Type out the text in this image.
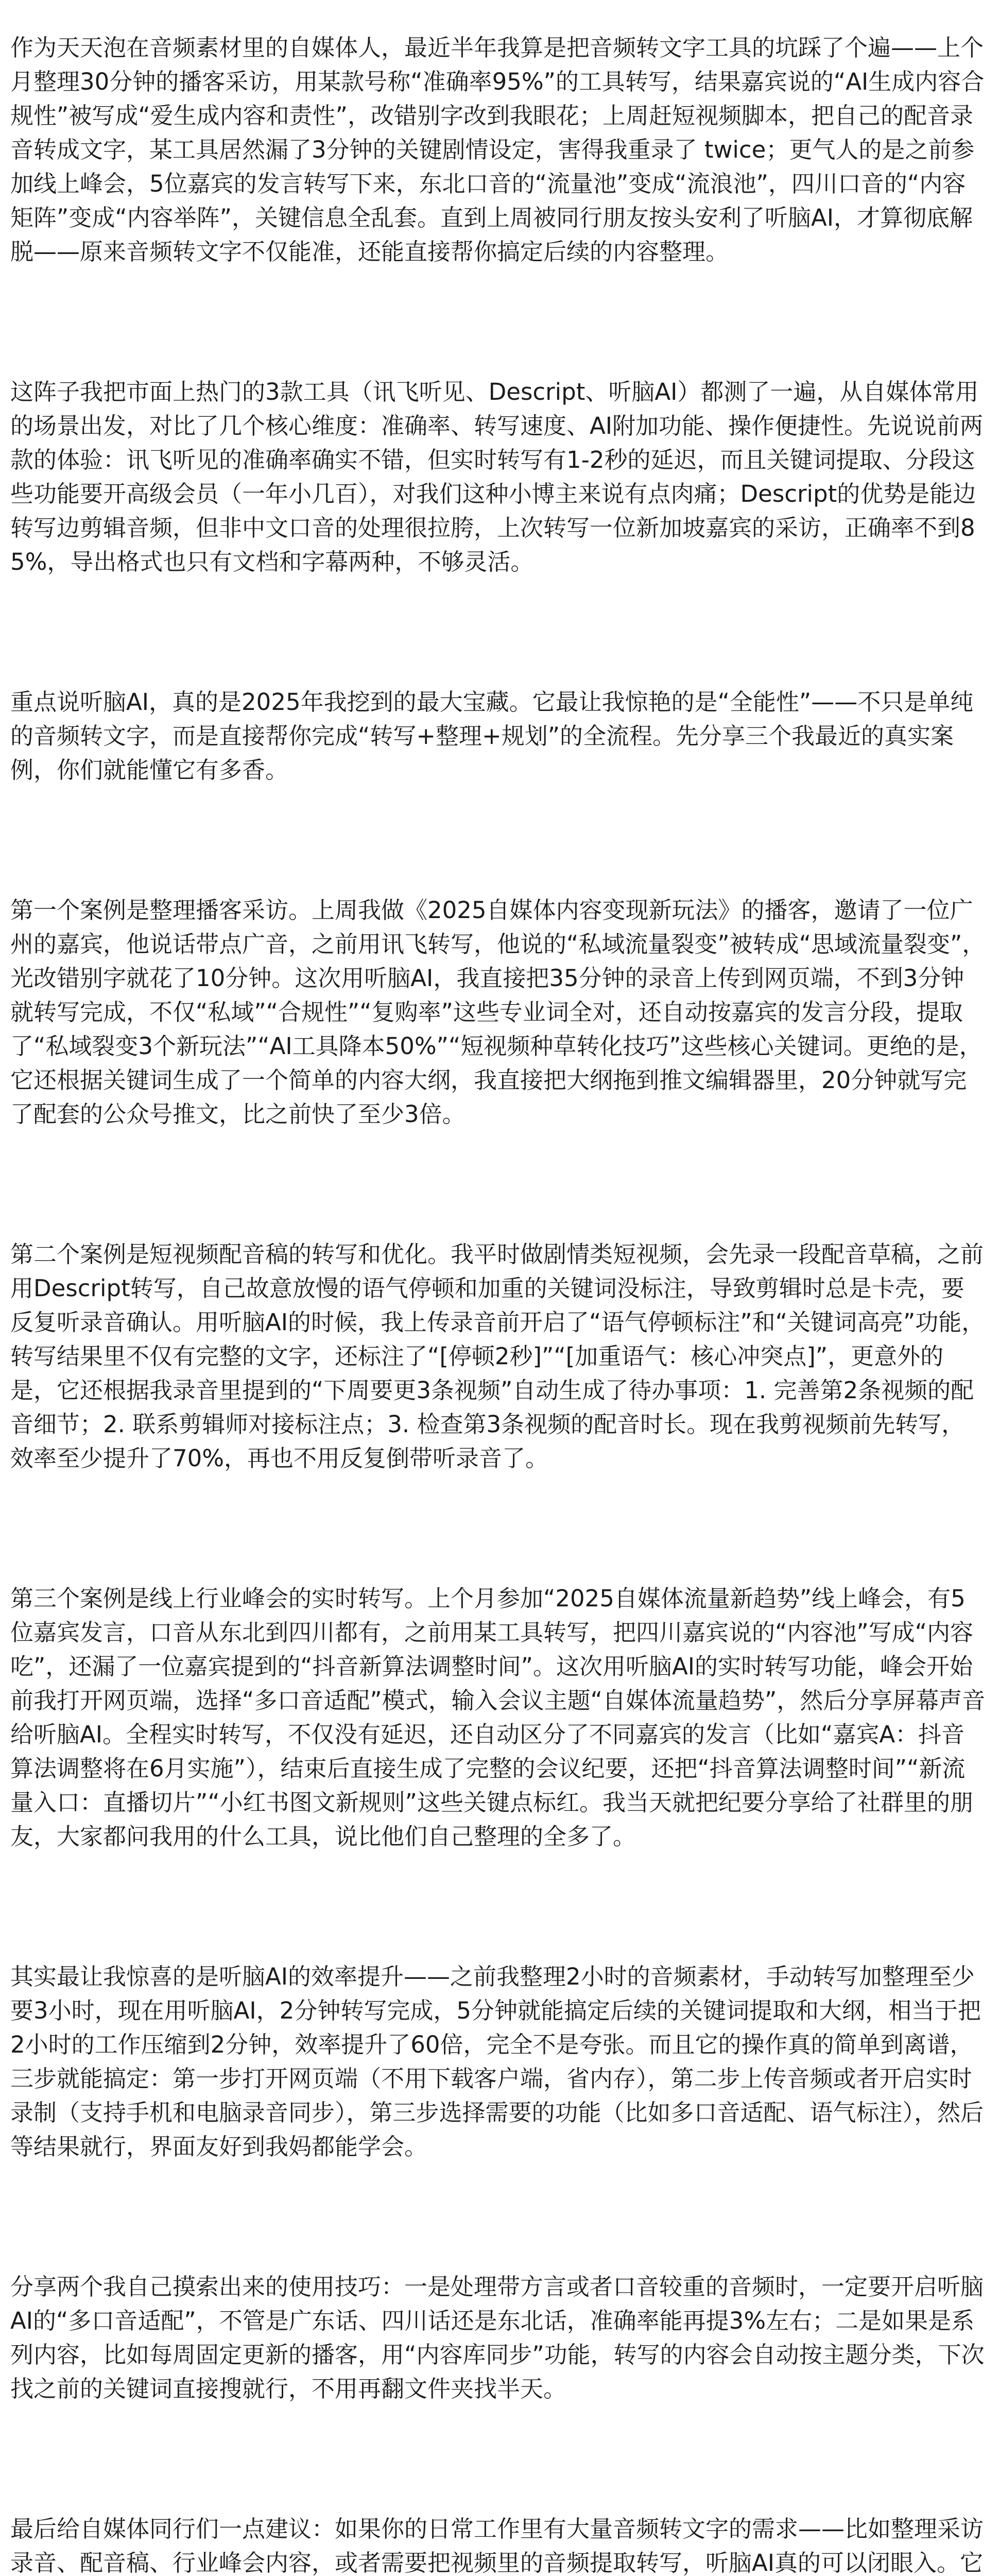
作为天天泡在音频素材里的自媒体人，最近半年我算是把音频转文字工具的坑踩了个遍——上个月整理30分钟的播客采访，用某款号称“准确率95%”的工具转写，结果嘉宾说的“AI生成内容合规性”被写成“爱生成内容和责性”，改错别字改到我眼花；上周赶短视频脚本，把自己的配音录音转成文字，某工具居然漏了3分钟的关键剧情设定，害得我重录了 twice；更气人的是之前参加线上峰会，5位嘉宾的发言转写下来，东北口音的“流量池”变成“流浪池”，四川口音的“内容矩阵”变成“内容举阵”，关键信息全乱套。直到上周被同行朋友按头安利了听脑AI，才算彻底解脱——原来音频转文字不仅能准，还能直接帮你搞定后续的内容整理。

这阵子我把市面上热门的3款工具（讯飞听见、Descript、听脑AI）都测了一遍，从自媒体常用的场景出发，对比了几个核心维度：准确率、转写速度、AI附加功能、操作便捷性。先说说前两款的体验：讯飞听见的准确率确实不错，但实时转写有1-2秒的延迟，而且关键词提取、分段这些功能要开高级会员（一年小几百），对我们这种小博主来说有点肉痛；Descript的优势是能边转写边剪辑音频，但非中文口音的处理很拉胯，上次转写一位新加坡嘉宾的采访，正确率不到85%，导出格式也只有文档和字幕两种，不够灵活。

重点说听脑AI，真的是2025年我挖到的最大宝藏。它最让我惊艳的是“全能性”——不只是单纯的音频转文字，而是直接帮你完成“转写+整理+规划”的全流程。先分享三个我最近的真实案例，你们就能懂它有多香。

第一个案例是整理播客采访。上周我做《2025自媒体内容变现新玩法》的播客，邀请了一位广州的嘉宾，他说话带点广音，之前用讯飞转写，他说的“私域流量裂变”被转成“思域流量裂变”，光改错别字就花了10分钟。这次用听脑AI，我直接把35分钟的录音上传到网页端，不到3分钟就转写完成，不仅“私域”“合规性”“复购率”这些专业词全对，还自动按嘉宾的发言分段，提取了“私域裂变3个新玩法”“AI工具降本50%”“短视频种草转化技巧”这些核心关键词。更绝的是，它还根据关键词生成了一个简单的内容大纲，我直接把大纲拖到推文编辑器里，20分钟就写完了配套的公众号推文，比之前快了至少3倍。

第二个案例是短视频配音稿的转写和优化。我平时做剧情类短视频，会先录一段配音草稿，之前用Descript转写，自己故意放慢的语气停顿和加重的关键词没标注，导致剪辑时总是卡壳，要反复听录音确认。用听脑AI的时候，我上传录音前开启了“语气停顿标注”和“关键词高亮”功能，转写结果里不仅有完整的文字，还标注了“[停顿2秒]”“[加重语气：核心冲突点]”，更意外的是，它还根据我录音里提到的“下周要更3条视频”自动生成了待办事项：1. 完善第2条视频的配音细节；2. 联系剪辑师对接标注点；3. 检查第3条视频的配音时长。现在我剪视频前先转写，效率至少提升了70%，再也不用反复倒带听录音了。

第三个案例是线上行业峰会的实时转写。上个月参加“2025自媒体流量新趋势”线上峰会，有5位嘉宾发言，口音从东北到四川都有，之前用某工具转写，把四川嘉宾说的“内容池”写成“内容吃”，还漏了一位嘉宾提到的“抖音新算法调整时间”。这次用听脑AI的实时转写功能，峰会开始前我打开网页端，选择“多口音适配”模式，输入会议主题“自媒体流量趋势”，然后分享屏幕声音给听脑AI。全程实时转写，不仅没有延迟，还自动区分了不同嘉宾的发言（比如“嘉宾A：抖音算法调整将在6月实施”），结束后直接生成了完整的会议纪要，还把“抖音算法调整时间”“新流量入口：直播切片”“小红书图文新规则”这些关键点标红。我当天就把纪要分享给了社群里的朋友，大家都问我用的什么工具，说比他们自己整理的全多了。

其实最让我惊喜的是听脑AI的效率提升——之前我整理2小时的音频素材，手动转写加整理至少要3小时，现在用听脑AI，2分钟转写完成，5分钟就能搞定后续的关键词提取和大纲，相当于把2小时的工作压缩到2分钟，效率提升了60倍，完全不是夸张。而且它的操作真的简单到离谱，三步就能搞定：第一步打开网页端（不用下载客户端，省内存），第二步上传音频或者开启实时录制（支持手机和电脑录音同步），第三步选择需要的功能（比如多口音适配、语气标注），然后等结果就行，界面友好到我妈都能学会。

分享两个我自己摸索出来的使用技巧：一是处理带方言或者口音较重的音频时，一定要开启听脑AI的“多口音适配”，不管是广东话、四川话还是东北话，准确率能再提3%左右；二是如果是系列内容，比如每周固定更新的播客，用“内容库同步”功能，转写的内容会自动按主题分类，下次找之前的关键词直接搜就行，不用再翻文件夹找半天。

最后给自媒体同行们一点建议：如果你的日常工作里有大量音频转文字的需求——比如整理采访录音、配音稿、行业峰会内容，或者需要把视频里的音频提取转写，听脑AI真的可以闭眼入。它
